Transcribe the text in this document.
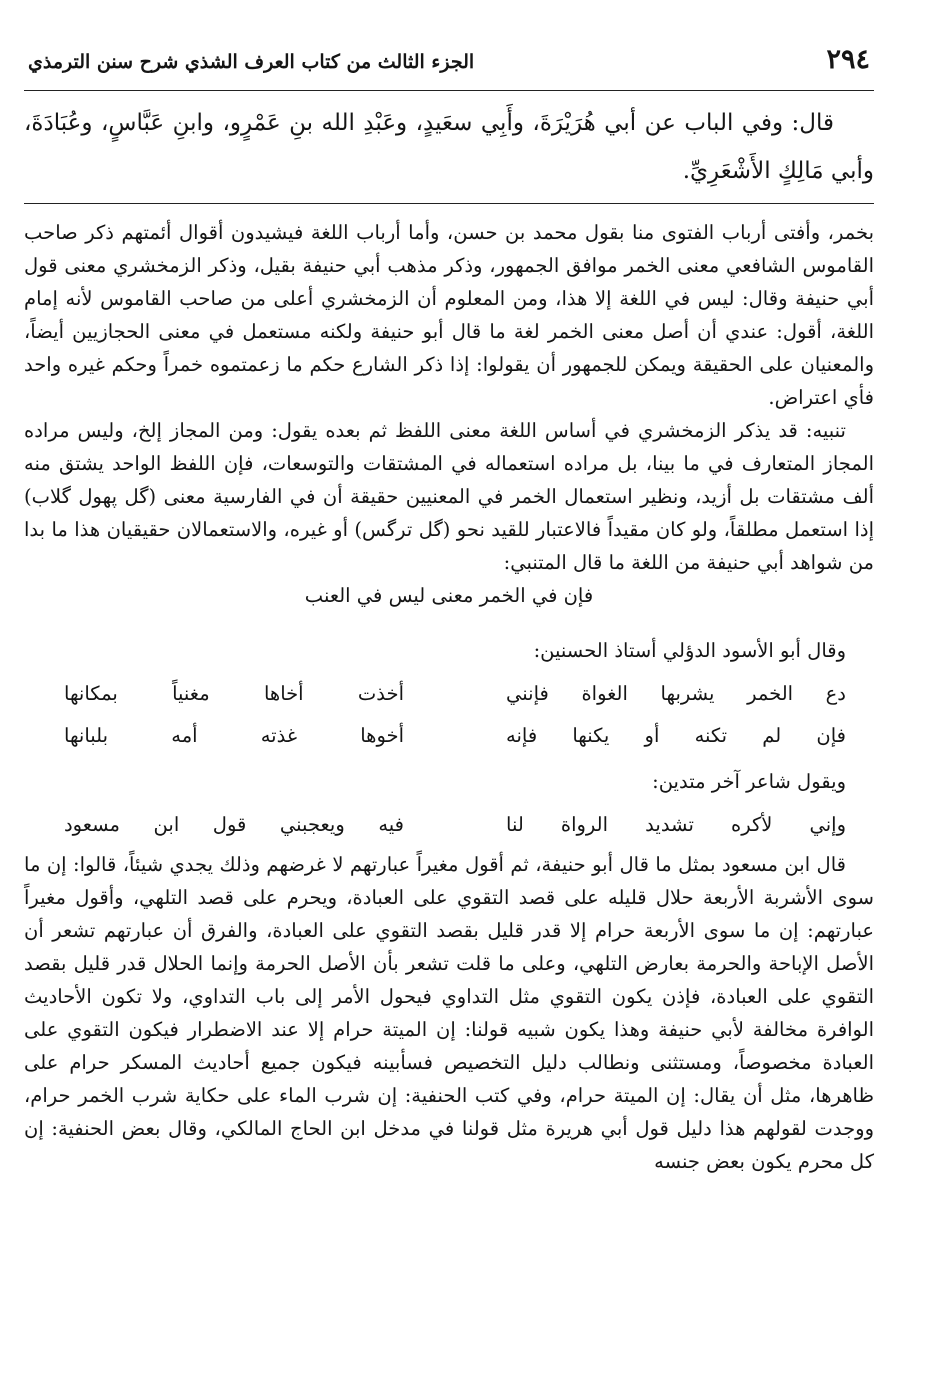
٢٩٤
الجزء الثالث من كتاب العرف الشذي شرح سنن الترمذي
قال: وفي الباب عن أبي هُرَيْرَةَ، وأَبِي سعَيدٍ، وعَبْدِ الله بنِ عَمْرٍو، وابنِ عَبَّاسٍ، وعُبَادَةَ، وأبي مَالِكٍ الأَشْعَرِيِّ.

بخمر، وأفتى أرباب الفتوى منا بقول محمد بن حسن، وأما أرباب اللغة فيشيدون أقوال أئمتهم ذكر صاحب القاموس الشافعي معنى الخمر موافق الجمهور، وذكر مذهب أبي حنيفة بقيل، وذكر الزمخشري معنى قول أبي حنيفة وقال: ليس في اللغة إلا هذا، ومن المعلوم أن الزمخشري أعلى من صاحب القاموس لأنه إمام اللغة، أقول: عندي أن أصل معنى الخمر لغة ما قال أبو حنيفة ولكنه مستعمل في معنى الحجازيين أيضاً، والمعنيان على الحقيقة ويمكن للجمهور أن يقولوا: إذا ذكر الشارع حكم ما زعمتموه خمراً وحكم غيره واحد فأي اعتراض.

تنبيه: قد يذكر الزمخشري في أساس اللغة معنى اللفظ ثم بعده يقول: ومن المجاز إلخ، وليس مراده المجاز المتعارف في ما بينا، بل مراده استعماله في المشتقات والتوسعات، فإن اللفظ الواحد يشتق منه ألف مشتقات بل أزيد، ونظير استعمال الخمر في المعنيين حقيقة أن في الفارسية معنى (گل پهول گلاب) إذا استعمل مطلقاً، ولو كان مقيداً فالاعتبار للقيد نحو (گل ترگس) أو غيره، والاستعمالان حقيقيان هذا ما بدا من شواهد أبي حنيفة من اللغة ما قال المتنبي:

فإن في الخمر معنى ليس في العنب
وقال أبو الأسود الدؤلي أستاذ الحسنين:
دع الخمر يشربها الغواة فإنني
أخذت أخاها مغنياً بمكانها
فإن لم تكنه أو يكنها فإنه
أخوها غذته أمه بلبانها
ويقول شاعر آخر متدين:
وإني لأكره تشديد الرواة لنا
فيه ويعجبني قول ابن مسعود

قال ابن مسعود بمثل ما قال أبو حنيفة، ثم أقول مغيراً عبارتهم لا غرضهم وذلك يجدي شيئاً، قالوا: إن ما سوى الأشربة الأربعة حلال قليله على قصد التقوي على العبادة، ويحرم على قصد التلهي، وأقول مغيراً عبارتهم: إن ما سوى الأربعة حرام إلا قدر قليل بقصد التقوي على العبادة، والفرق أن عبارتهم تشعر أن الأصل الإباحة والحرمة بعارض التلهي، وعلى ما قلت تشعر بأن الأصل الحرمة وإنما الحلال قدر قليل بقصد التقوي على العبادة، فإذن يكون التقوي مثل التداوي فيحول الأمر إلى باب التداوي، ولا تكون الأحاديث الوافرة مخالفة لأبي حنيفة وهذا يكون شبيه قولنا: إن الميتة حرام إلا عند الاضطرار فيكون التقوي على العبادة مخصوصاً، ومستثنى ونطالب دليل التخصيص فسأبينه فيكون جميع أحاديث المسكر حرام على ظاهرها، مثل أن يقال: إن الميتة حرام، وفي كتب الحنفية: إن شرب الماء على حكاية شرب الخمر حرام، ووجدت لقولهم هذا دليل قول أبي هريرة مثل قولنا في مدخل ابن الحاج المالكي، وقال بعض الحنفية: إن كل محرم يكون بعض جنسه
